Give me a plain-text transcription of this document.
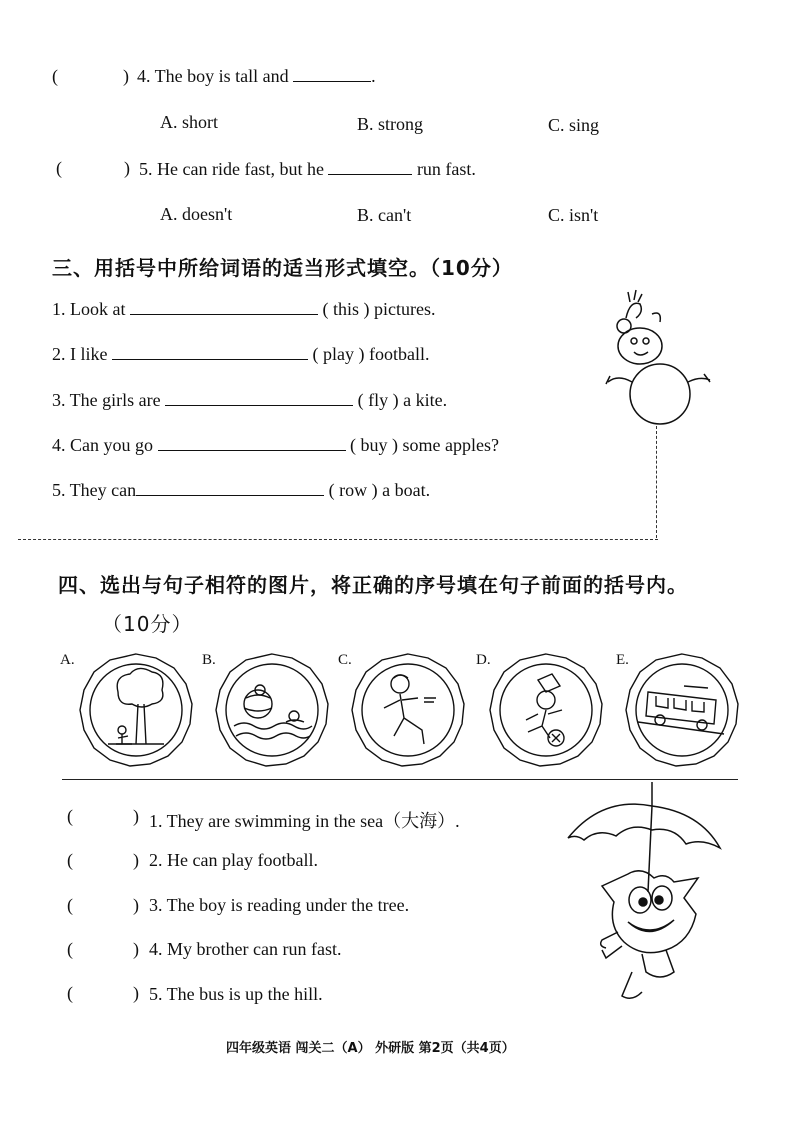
(	) 4. The boy is tall and	.
A. short	B. strong	C. sing
(	) 5. He can ride fast, but he	run fast.
A. doesn't	B. can't	C. isn't
三、用括号中所给词语的适当形式填空。（10分）
1. Look at	( this ) pictures.
2. I like	( play ) football.
3. The girls are	( fly ) a kite.
4. Can you go	( buy ) some apples?
5. They can	( row ) a boat.
四、选出与句子相符的图片，将正确的序号填在句子前面的括号内。
（10分）
A.	B.	C.	D.	E.
(	) 1. They are swimming in the sea（大海）.
(	) 2. He can play football.
(	) 3. The boy is reading under the tree.
(	) 4. My brother can run fast.
(	) 5. The bus is up the hill.
四年级英语 闯关二（A） 外研版 第2页（共4页）
